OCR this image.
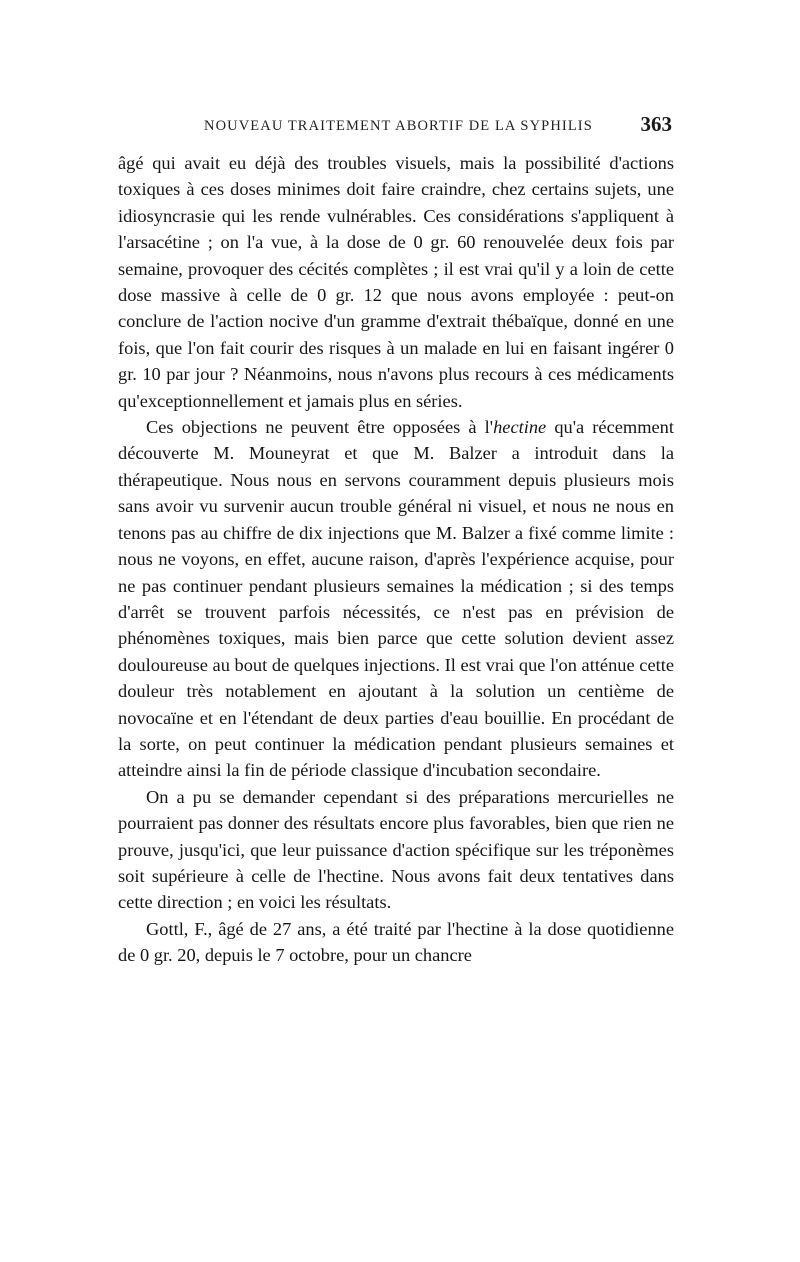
NOUVEAU TRAITEMENT ABORTIF DE LA SYPHILIS 363

âgé qui avait eu déjà des troubles visuels, mais la possibilité d'actions toxiques à ces doses minimes doit faire craindre, chez certains sujets, une idiosyncrasie qui les rende vulnérables. Ces considérations s'appliquent à l'arsacétine ; on l'a vue, à la dose de 0 gr. 60 renouvelée deux fois par semaine, provoquer des cécités complètes ; il est vrai qu'il y a loin de cette dose massive à celle de 0 gr. 12 que nous avons employée : peut-on conclure de l'action nocive d'un gramme d'extrait thébaïque, donné en une fois, que l'on fait courir des risques à un malade en lui en faisant ingérer 0 gr. 10 par jour ? Néanmoins, nous n'avons plus recours à ces médicaments qu'exceptionnellement et jamais plus en séries.

Ces objections ne peuvent être opposées à l'hectine qu'a récemment découverte M. Mouneyrat et que M. Balzer a introduit dans la thérapeutique. Nous nous en servons couramment depuis plusieurs mois sans avoir vu survenir aucun trouble général ni visuel, et nous ne nous en tenons pas au chiffre de dix injections que M. Balzer a fixé comme limite : nous ne voyons, en effet, aucune raison, d'après l'expérience acquise, pour ne pas continuer pendant plusieurs semaines la médication ; si des temps d'arrêt se trouvent parfois nécessités, ce n'est pas en prévision de phénomènes toxiques, mais bien parce que cette solution devient assez douloureuse au bout de quelques injections. Il est vrai que l'on atténue cette douleur très notablement en ajoutant à la solution un centième de novocaïne et en l'étendant de deux parties d'eau bouillie. En procédant de la sorte, on peut continuer la médication pendant plusieurs semaines et atteindre ainsi la fin de période classique d'incubation secondaire.

On a pu se demander cependant si des préparations mercurielles ne pourraient pas donner des résultats encore plus favorables, bien que rien ne prouve, jusqu'ici, que leur puissance d'action spécifique sur les tréponèmes soit supérieure à celle de l'hectine. Nous avons fait deux tentatives dans cette direction ; en voici les résultats.

Gottl, F., âgé de 27 ans, a été traité par l'hectine à la dose quotidienne de 0 gr. 20, depuis le 7 octobre, pour un chancre
